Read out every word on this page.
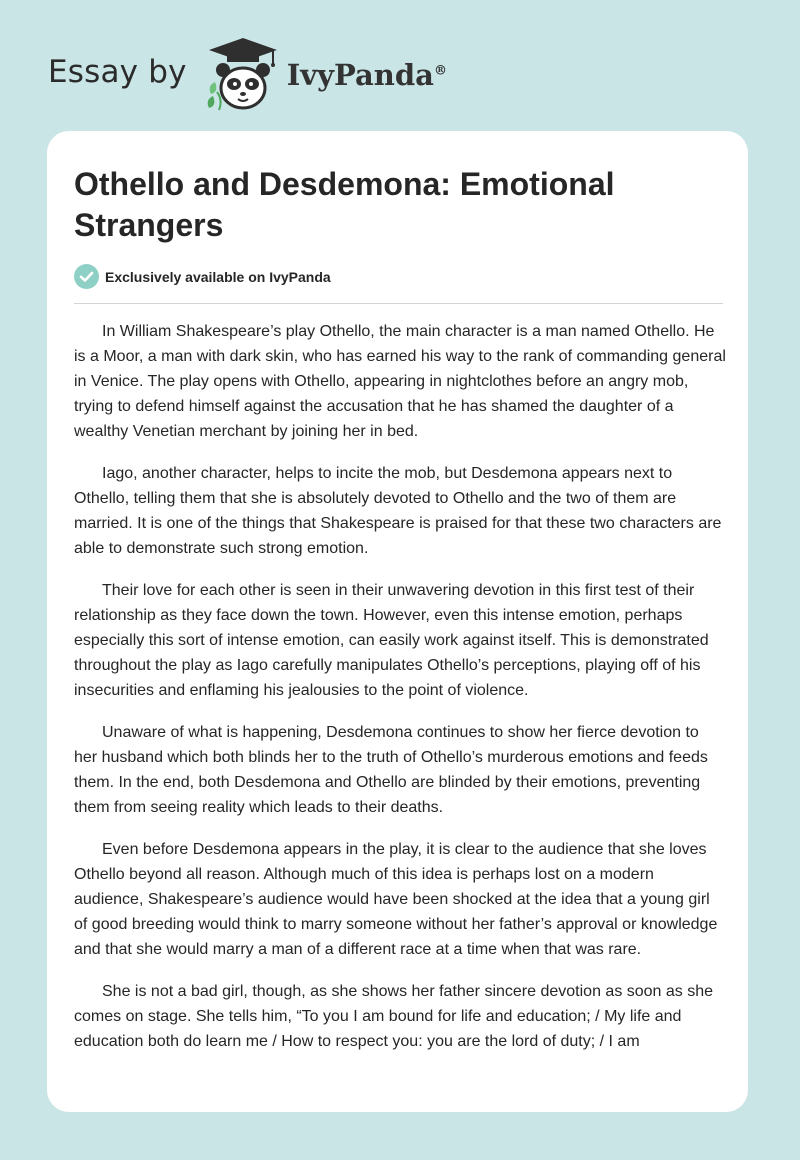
Essay by	IvyPanda®
Othello and Desdemona: Emotional Strangers
Exclusively available on IvyPanda

In William Shakespeare’s play Othello, the main character is a man named Othello. He is a Moor, a man with dark skin, who has earned his way to the rank of commanding general in Venice. The play opens with Othello, appearing in nightclothes before an angry mob, trying to defend himself against the accusation that he has shamed the daughter of a wealthy Venetian merchant by joining her in bed.

Iago, another character, helps to incite the mob, but Desdemona appears next to Othello, telling them that she is absolutely devoted to Othello and the two of them are married. It is one of the things that Shakespeare is praised for that these two characters are able to demonstrate such strong emotion.

Their love for each other is seen in their unwavering devotion in this first test of their relationship as they face down the town. However, even this intense emotion, perhaps especially this sort of intense emotion, can easily work against itself. This is demonstrated throughout the play as Iago carefully manipulates Othello’s perceptions, playing off of his insecurities and enflaming his jealousies to the point of violence.

Unaware of what is happening, Desdemona continues to show her fierce devotion to her husband which both blinds her to the truth of Othello’s murderous emotions and feeds them. In the end, both Desdemona and Othello are blinded by their emotions, preventing them from seeing reality which leads to their deaths.

Even before Desdemona appears in the play, it is clear to the audience that she loves Othello beyond all reason. Although much of this idea is perhaps lost on a modern audience, Shakespeare’s audience would have been shocked at the idea that a young girl of good breeding would think to marry someone without her father’s approval or knowledge and that she would marry a man of a different race at a time when that was rare.

She is not a bad girl, though, as she shows her father sincere devotion as soon as she comes on stage. She tells him, “To you I am bound for life and education; / My life and education both do learn me / How to respect you: you are the lord of duty; / I am
